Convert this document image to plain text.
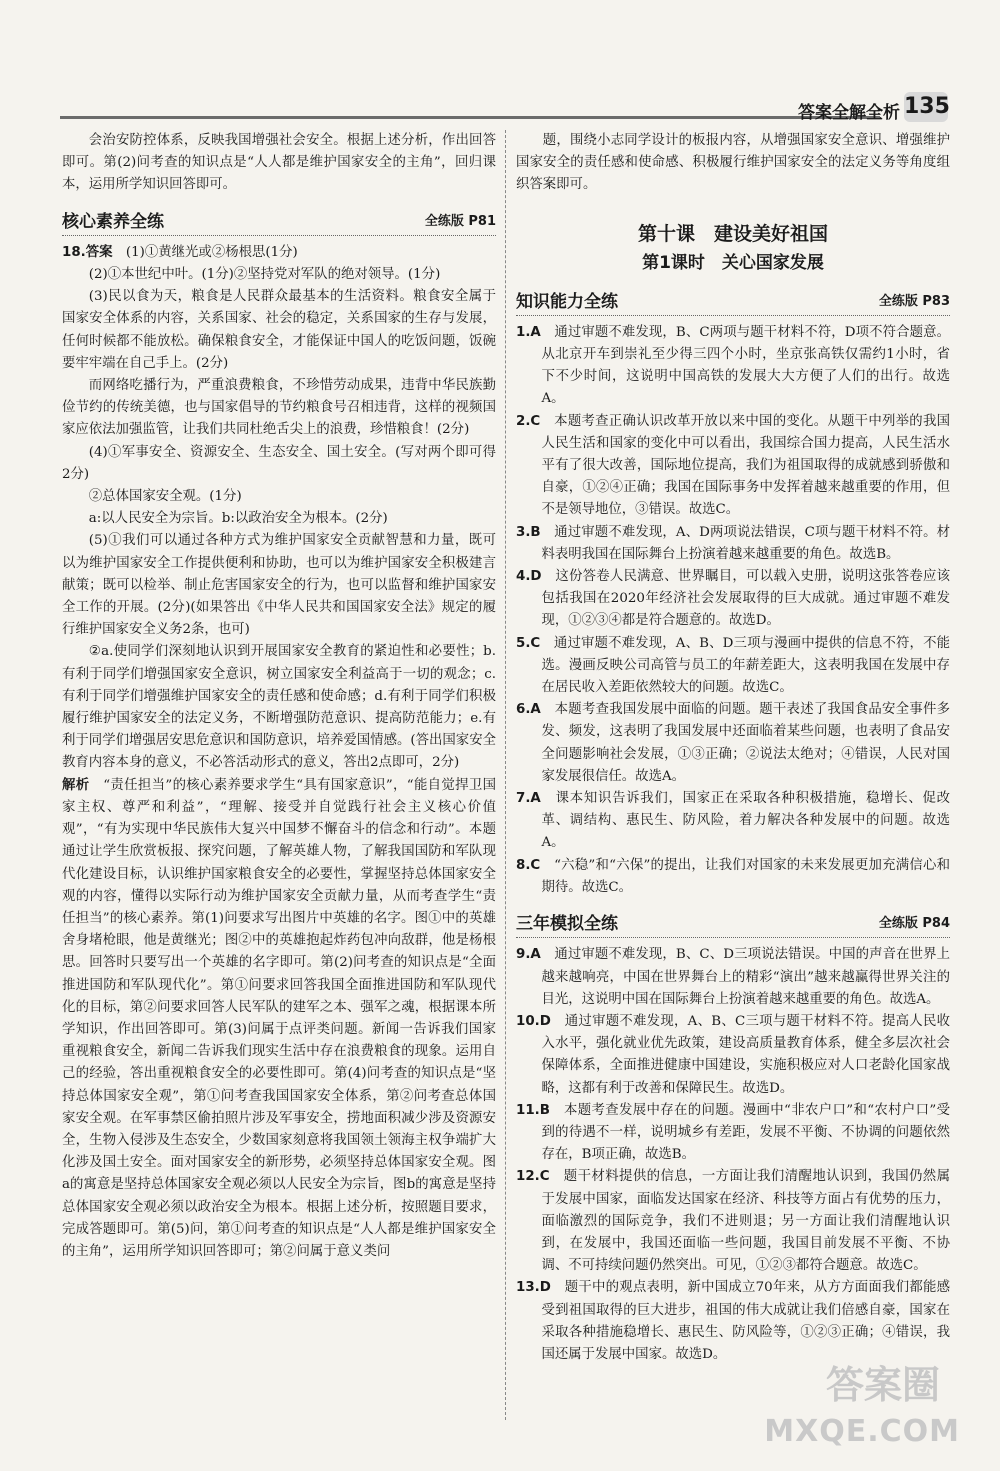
答案全解全析 135

会治安防控体系，反映我国增强社会安全。根据上述分析，作出回答即可。第(2)问考查的知识点是“人人都是维护国家安全的主角”，回归课本，运用所学知识回答即可。

核心素养全练	全练版 P81

18.答案　 (1)①黄继光或②杨根思(1分)

(2)①本世纪中叶。(1分)②坚持党对军队的绝对领导。(1分)

(3)民以食为天，粮食是人民群众最基本的生活资料。粮食安全属于国家安全体系的内容，关系国家、社会的稳定，关系国家的生存与发展，任何时候都不能放松。确保粮食安全，才能保证中国人的吃饭问题，饭碗要牢牢端在自己手上。(2分)

而网络吃播行为，严重浪费粮食，不珍惜劳动成果，违背中华民族勤俭节约的传统美德，也与国家倡导的节约粮食号召相违背，这样的视频国家应依法加强监管，让我们共同杜绝舌尖上的浪费，珍惜粮食！(2分)

(4)①军事安全、资源安全、生态安全、国土安全。(写对两个即可得2分)

②总体国家安全观。(1分)

a:以人民安全为宗旨。b:以政治安全为根本。(2分)

(5)①我们可以通过各种方式为维护国家安全贡献智慧和力量，既可以为维护国家安全工作提供便利和协助，也可以为维护国家安全积极建言献策；既可以检举、制止危害国家安全的行为，也可以监督和维护国家安全工作的开展。(2分)(如果答出《中华人民共和国国家安全法》规定的履行维护国家安全义务2条，也可)

②a.使同学们深刻地认识到开展国家安全教育的紧迫性和必要性；b.有利于同学们增强国家安全意识，树立国家安全利益高于一切的观念；c.有利于同学们增强维护国家安全的责任感和使命感；d.有利于同学们积极履行维护国家安全的法定义务，不断增强防范意识、提高防范能力；e.有利于同学们增强居安思危意识和国防意识，培养爱国情感。(答出国家安全教育内容本身的意义，不必答活动形式的意义，答出2点即可，2分)

解析　 “责任担当”的核心素养要求学生“具有国家意识”，“能自觉捍卫国家主权、尊严和利益”，“理解、接受并自觉践行社会主义核心价值观”，“有为实现中华民族伟大复兴中国梦不懈奋斗的信念和行动”。本题通过让学生欣赏板报、探究问题，了解英雄人物，了解我国国防和军队现代化建设目标，认识维护国家粮食安全的必要性，掌握坚持总体国家安全观的内容，懂得以实际行动为维护国家安全贡献力量，从而考查学生“责任担当”的核心素养。第(1)问要求写出图片中英雄的名字。图①中的英雄舍身堵枪眼，他是黄继光；图②中的英雄抱起炸药包冲向敌群，他是杨根思。回答时只要写出一个英雄的名字即可。第(2)问考查的知识点是“全面推进国防和军队现代化”。第①问要求回答我国全面推进国防和军队现代化的目标，第②问要求回答人民军队的建军之本、强军之魂，根据课本所学知识，作出回答即可。第(3)问属于点评类问题。新闻一告诉我们国家重视粮食安全，新闻二告诉我们现实生活中存在浪费粮食的现象。运用自己的经验，答出重视粮食安全的必要性即可。第(4)问考查的知识点是“坚持总体国家安全观”，第①问考查我国国家安全体系，第②问考查总体国家安全观。在军事禁区偷拍照片涉及军事安全，捞地面积减少涉及资源安全，生物入侵涉及生态安全，少数国家刻意将我国领土领海主权争端扩大化涉及国土安全。面对国家安全的新形势，必须坚持总体国家安全观。图a的寓意是坚持总体国家安全观必须以人民安全为宗旨，图b的寓意是坚持总体国家安全观必须以政治安全为根本。根据上述分析，按照题目要求，完成答题即可。第(5)问，第①问考查的知识点是“人人都是维护国家安全的主角”，运用所学知识回答即可；第②问属于意义类问

题，围绕小志同学设计的板报内容，从增强国家安全意识、增强维护国家安全的责任感和使命感、积极履行维护国家安全的法定义务等角度组织答案即可。

第十课　建设美好祖国
第1课时　关心国家发展
知识能力全练	全练版 P83

1.A　 通过审题不难发现，B、C两项与题干材料不符，D项不符合题意。从北京开车到崇礼至少得三四个小时，坐京张高铁仅需约1小时，省下不少时间，这说明中国高铁的发展大大方便了人们的出行。故选A。

2.C　 本题考查正确认识改革开放以来中国的变化。从题干中列举的我国人民生活和国家的变化中可以看出，我国综合国力提高，人民生活水平有了很大改善，国际地位提高，我们为祖国取得的成就感到骄傲和自豪，①②④正确；我国在国际事务中发挥着越来越重要的作用，但不是领导地位，③错误。故选C。

3.B　 通过审题不难发现，A、D两项说法错误，C项与题干材料不符。材料表明我国在国际舞台上扮演着越来越重要的角色。故选B。

4.D　 这份答卷人民满意、世界瞩目，可以载入史册，说明这张答卷应该包括我国在2020年经济社会发展取得的巨大成就。通过审题不难发现，①②③④都是符合题意的。故选D。

5.C　 通过审题不难发现，A、B、D三项与漫画中提供的信息不符，不能选。漫画反映公司高管与员工的年薪差距大，这表明我国在发展中存在居民收入差距依然较大的问题。故选C。

6.A　 本题考查我国发展中面临的问题。题干表述了我国食品安全事件多发、频发，这表明了我国发展中还面临着某些问题，也表明了食品安全问题影响社会发展，①③正确；②说法太绝对；④错误，人民对国家发展很信任。故选A。

7.A　 课本知识告诉我们，国家正在采取各种积极措施，稳增长、促改革、调结构、惠民生、防风险，着力解决各种发展中的问题。故选A。

8.C　 “六稳”和“六保”的提出，让我们对国家的未来发展更加充满信心和期待。故选C。

三年模拟全练	全练版 P84

9.A　 通过审题不难发现，B、C、D三项说法错误。中国的声音在世界上越来越响亮，中国在世界舞台上的精彩“演出”越来越赢得世界关注的目光，这说明中国在国际舞台上扮演着越来越重要的角色。故选A。

10.D　 通过审题不难发现，A、B、C三项与题干材料不符。提高人民收入水平，强化就业优先政策，建设高质量教育体系，健全多层次社会保障体系，全面推进健康中国建设，实施积极应对人口老龄化国家战略，这都有利于改善和保障民生。故选D。

11.B　 本题考查发展中存在的问题。漫画中“非农户口”和“农村户口”受到的待遇不一样，说明城乡有差距，发展不平衡、不协调的问题依然存在，B项正确，故选B。

12.C　 题干材料提供的信息，一方面让我们清醒地认识到，我国仍然属于发展中国家，面临发达国家在经济、科技等方面占有优势的压力，面临激烈的国际竞争，我们不进则退；另一方面让我们清醒地认识到，在发展中，我国还面临一些问题，我国目前发展不平衡、不协调、不可持续问题仍然突出。可见，①②③都符合题意。故选C。

13.D　 题干中的观点表明，新中国成立70年来，从方方面面我们都能感受到祖国取得的巨大进步，祖国的伟大成就让我们倍感自豪，国家在采取各种措施稳增长、惠民生、防风险等，①②③正确；④错误，我国还属于发展中国家。故选D。

答案圈
MXQE.COM
